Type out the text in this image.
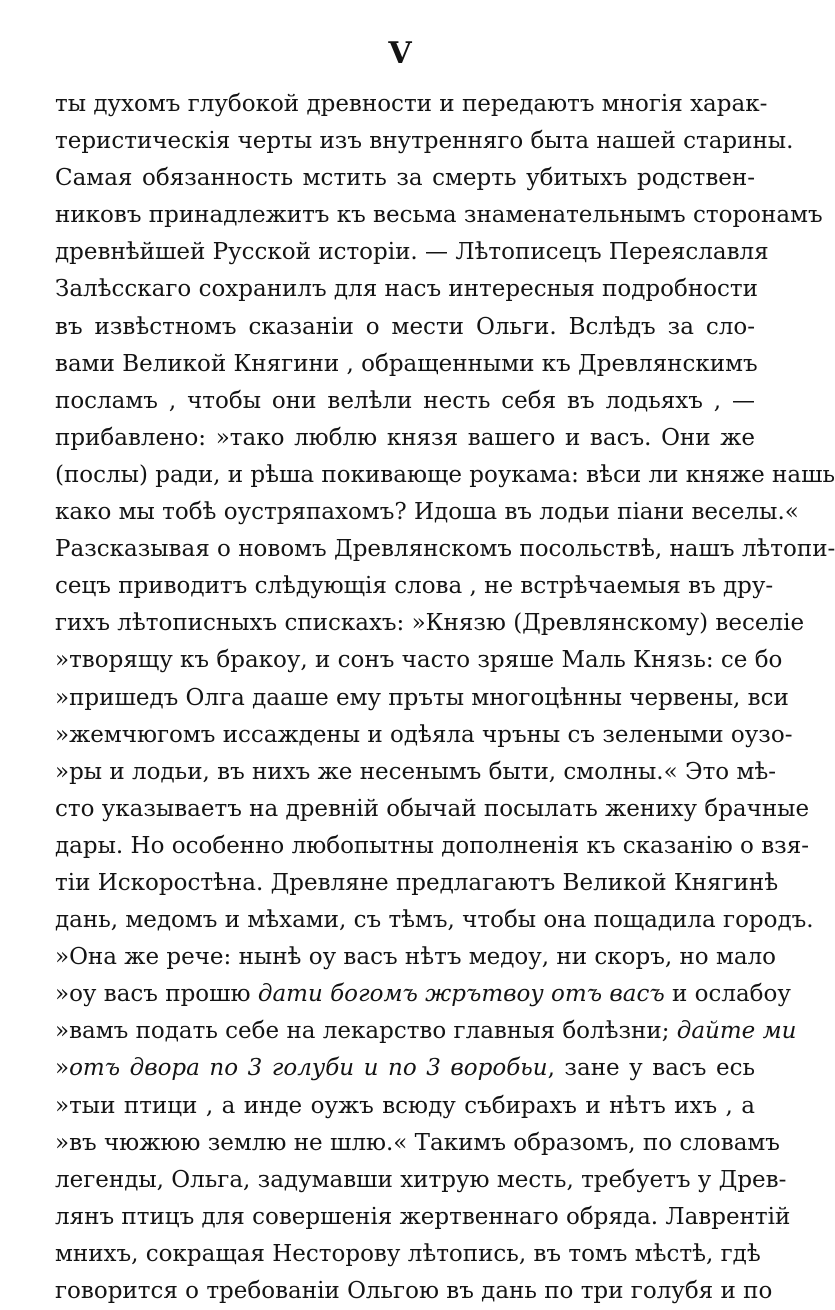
V
ты духомъ глубокой древности и передаютъ многія харак-
теристическія черты изъ внутренняго быта нашей старины.
Самая обязанность мстить за смерть убитыхъ родствен-
никовъ принадлежитъ къ весьма знаменательнымъ сторонамъ
древнѣйшей Русской исторіи. — Лѣтописецъ Переяславля
Залѣсскаго сохранилъ для насъ интересныя подробности
въ извѣстномъ сказаніи о мести Ольги. Вслѣдъ за сло-
вами Великой Княгини , обращенными къ Древлянскимъ
посламъ , чтобы они велѣли несть себя въ лодьяхъ , —
прибавлено: »тако люблю князя вашего и васъ. Они же
(послы) ради, и рѣша покивающе роукама: вѣси ли княже нашь
како мы тобѣ оустряпахомъ? Идоша въ лодьи піани веселы.«
Разсказывая о новомъ Древлянскомъ посольствѣ, нашъ лѣтопи-
сецъ приводитъ слѣдующія слова , не встрѣчаемыя въ дру-
гихъ лѣтописныхъ спискахъ: »Князю (Древлянскому) веселіе
»творящу къ бракоу, и сонъ часто зряше Маль Князь: се бо
»пришедъ Олга дааше ему пръты многоцѣнны червены, вси
»жемчюгомъ иссаждены и одѣяла чръны съ зелеными оузо-
»ры и лодьи, въ нихъ же несенымъ быти, смолны.« Это мѣ-
сто указываетъ на древній обычай посылать жениху брачные
дары. Но особенно любопытны дополненія къ сказанію о взя-
тіи Искоростѣна. Древляне предлагаютъ Великой Княгинѣ
дань, медомъ и мѣхами, съ тѣмъ, чтобы она пощадила городъ.
»Она же рече: нынѣ оу васъ нѣтъ медоу, ни скоръ, но мало
»оу васъ прошю дати богомъ жрътвоу отъ васъ и ослабоу
»вамъ подать себе на лекарство главныя болѣзни; дайте ми
»отъ двора по 3 голуби и по 3 воробьи, зане у васъ есь
»тыи птици , а инде оужъ всюду събирахъ и нѣтъ ихъ , а
»въ чюжюю землю не шлю.« Такимъ образомъ, по словамъ
легенды, Ольга, задумавши хитрую месть, требуетъ у Древ-
лянъ птицъ для совершенія жертвеннаго обряда. Лаврентій
мнихъ, сокращая Несторову лѣтопись, въ томъ мѣстѣ, гдѣ
говорится о требованіи Ольгою въ дань по три голубя и по
